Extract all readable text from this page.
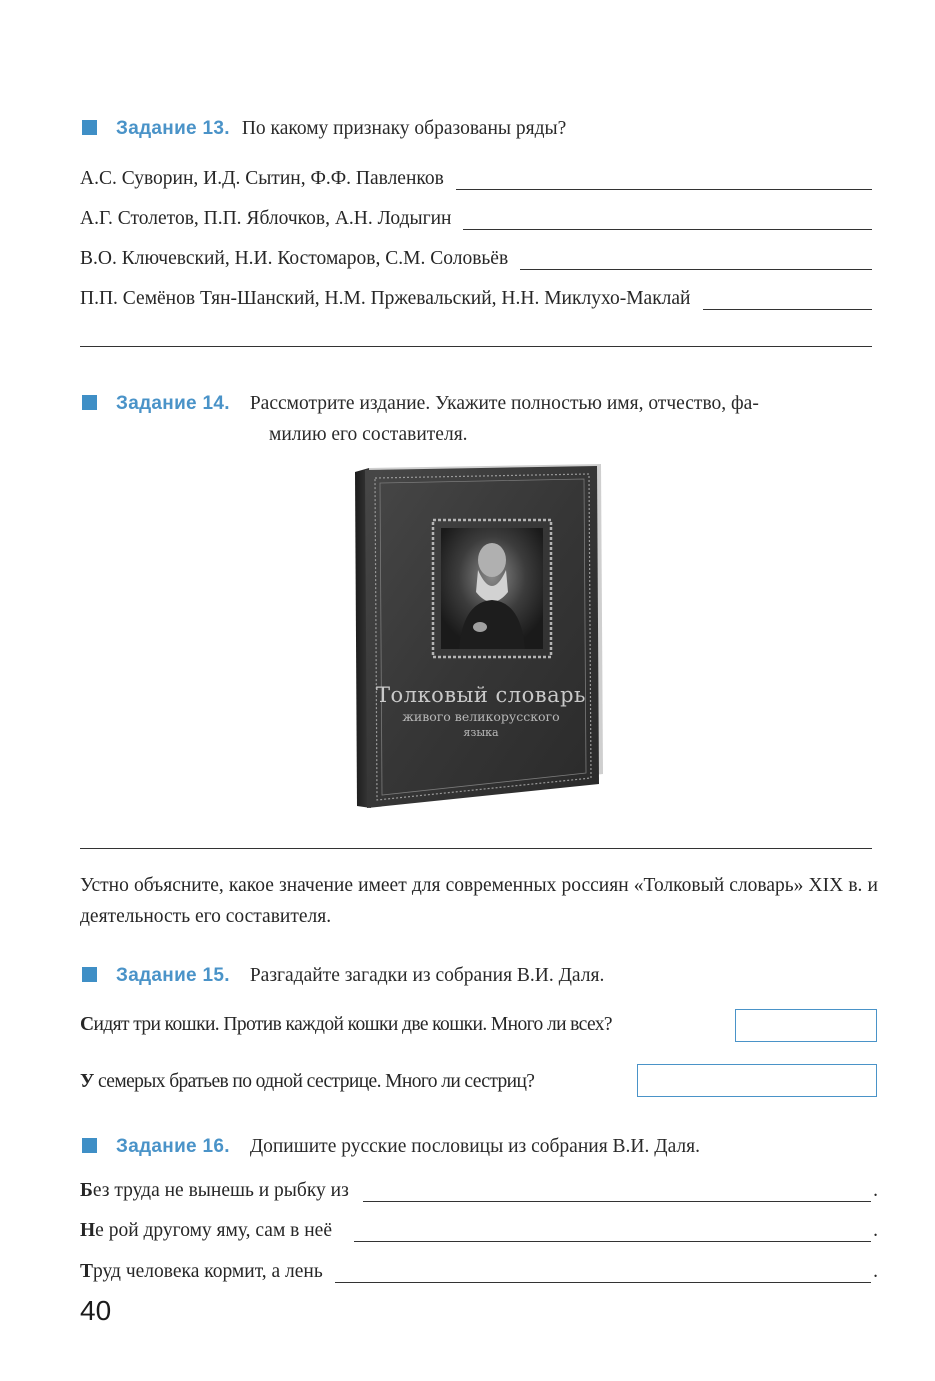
Задание 13. По какому признаку образованы ряды?
А.С. Суворин, И.Д. Сытин, Ф.Ф. Павленков
А.Г. Столетов, П.П. Яблочков, А.Н. Лодыгин
В.О. Ключевский, Н.И. Костомаров, С.М. Соловьёв
П.П. Семёнов Тян-Шанский, Н.М. Пржевальский, Н.Н. Миклухо-Маклай
Задание 14. Рассмотрите издание. Укажите полностью имя, отчество, фа-
милию его составителя.
Толковый словарь
живого великорусского
языка
Устно объясните, какое значение имеет для современных россиян «Толковый словарь» XIX в. и деятельность его составителя.
Задание 15. Разгадайте загадки из собрания В.И. Даля.
Сидят три кошки. Против каждой кошки две кошки. Много ли всех?
У семерых братьев по одной сестрице. Много ли сестриц?
Задание 16. Допишите русские пословицы из собрания В.И. Даля.
Без труда не вынешь и рыбку из	.
Не рой другому яму, сам в неё	.
Труд человека кормит, а лень	.
40
